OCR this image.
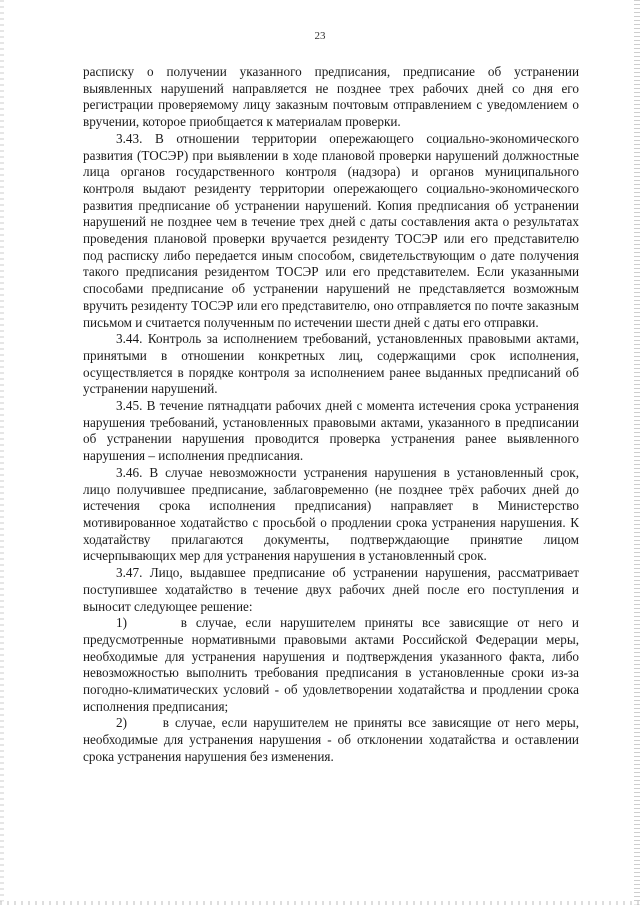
23

расписку о получении указанного предписания, предписание об устранении выявленных нарушений направляется не позднее трех рабочих дней со дня его регистрации проверяемому лицу заказным почтовым отправлением с уведомлением о вручении, которое приобщается к материалам проверки.

3.43. В отношении территории опережающего социально-экономического развития (ТОСЭР) при выявлении в ходе плановой проверки нарушений должностные лица органов государственного контроля (надзора) и органов муниципального контроля выдают резиденту территории опережающего социально-экономического развития предписание об устранении нарушений. Копия предписания об устранении нарушений не позднее чем в течение трех дней с даты составления акта о результатах проведения плановой проверки вручается резиденту ТОСЭР или его представителю под расписку либо передается иным способом, свидетельствующим о дате получения такого предписания резидентом ТОСЭР или его представителем. Если указанными способами предписание об устранении нарушений не представляется возможным вручить резиденту ТОСЭР или его представителю, оно отправляется по почте заказным письмом и считается полученным по истечении шести дней с даты его отправки.

3.44. Контроль за исполнением требований, установленных правовыми актами, принятыми в отношении конкретных лиц, содержащими срок исполнения, осуществляется в порядке контроля за исполнением ранее выданных предписаний об устранении нарушений.

3.45. В течение пятнадцати рабочих дней с момента истечения срока устранения нарушения требований, установленных правовыми актами, указанного в предписании об устранении нарушения проводится проверка устранения ранее выявленного нарушения – исполнения предписания.

3.46. В случае невозможности устранения нарушения в установленный срок, лицо получившее предписание, заблаговременно (не позднее трёх рабочих дней до истечения срока исполнения предписания) направляет в Министерство мотивированное ходатайство с просьбой о продлении срока устранения нарушения. К ходатайству прилагаются документы, подтверждающие принятие лицом исчерпывающих мер для устранения нарушения в установленный срок.

3.47. Лицо, выдавшее предписание об устранении нарушения, рассматривает поступившее ходатайство в течение двух рабочих дней после его поступления и выносит следующее решение:

1)      в случае, если нарушителем приняты все зависящие от него и предусмотренные нормативными правовыми актами Российской Федерации меры, необходимые для устранения нарушения и подтверждения указанного факта, либо невозможностью выполнить требования предписания в установленные сроки из-за погодно-климатических условий - об удовлетворении ходатайства и продлении срока исполнения предписания;

2)      в случае, если нарушителем не приняты все зависящие от него меры, необходимые для устранения нарушения - об отклонении ходатайства и оставлении срока устранения нарушения без изменения.
